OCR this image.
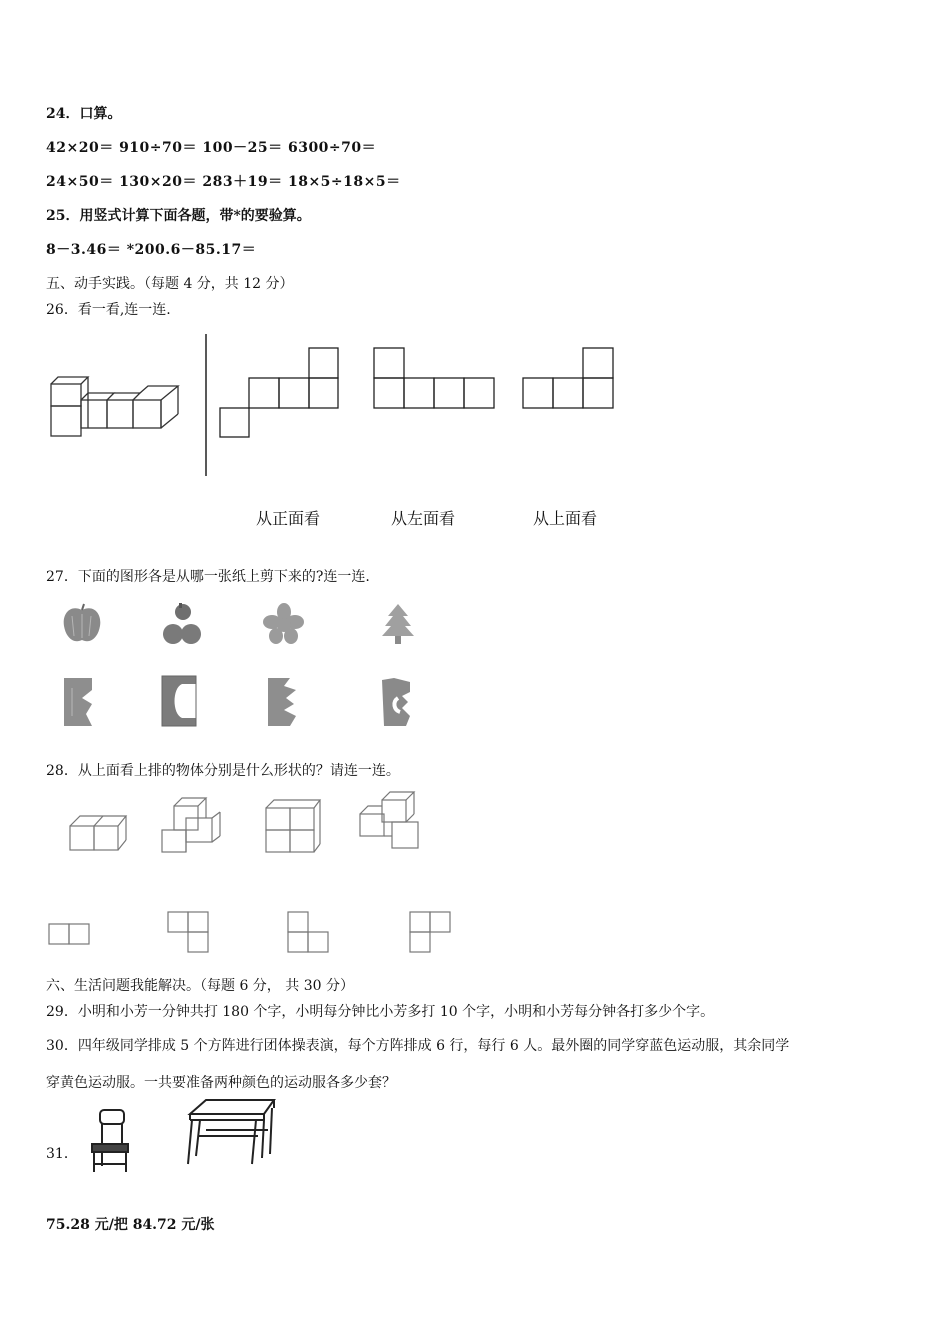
24．口算。
42×20＝ 910÷70＝ 100－25＝ 6300÷70＝
24×50＝ 130×20＝ 283＋19＝ 18×5÷18×5＝
25．用竖式计算下面各题，带*的要验算。
8－3.46＝ *200.6－85.17＝
五、动手实践。（每题 4 分，共 12 分）
26．看一看,连一连.
从正面看	从左面看	从上面看
27．下面的图形各是从哪一张纸上剪下来的?连一连.
28．从上面看上排的物体分别是什么形状的？请连一连。
六、生活问题我能解决。（每题 6 分， 共 30 分）
29．小明和小芳一分钟共打 180 个字，小明每分钟比小芳多打 10 个字，小明和小芳每分钟各打多少个字。
30．四年级同学排成 5 个方阵进行团体操表演，每个方阵排成 6 行，每行 6 人。最外圈的同学穿蓝色运动服，其余同学
穿黄色运动服。一共要准备两种颜色的运动服各多少套？
31．
75.28 元/把 84.72 元/张
